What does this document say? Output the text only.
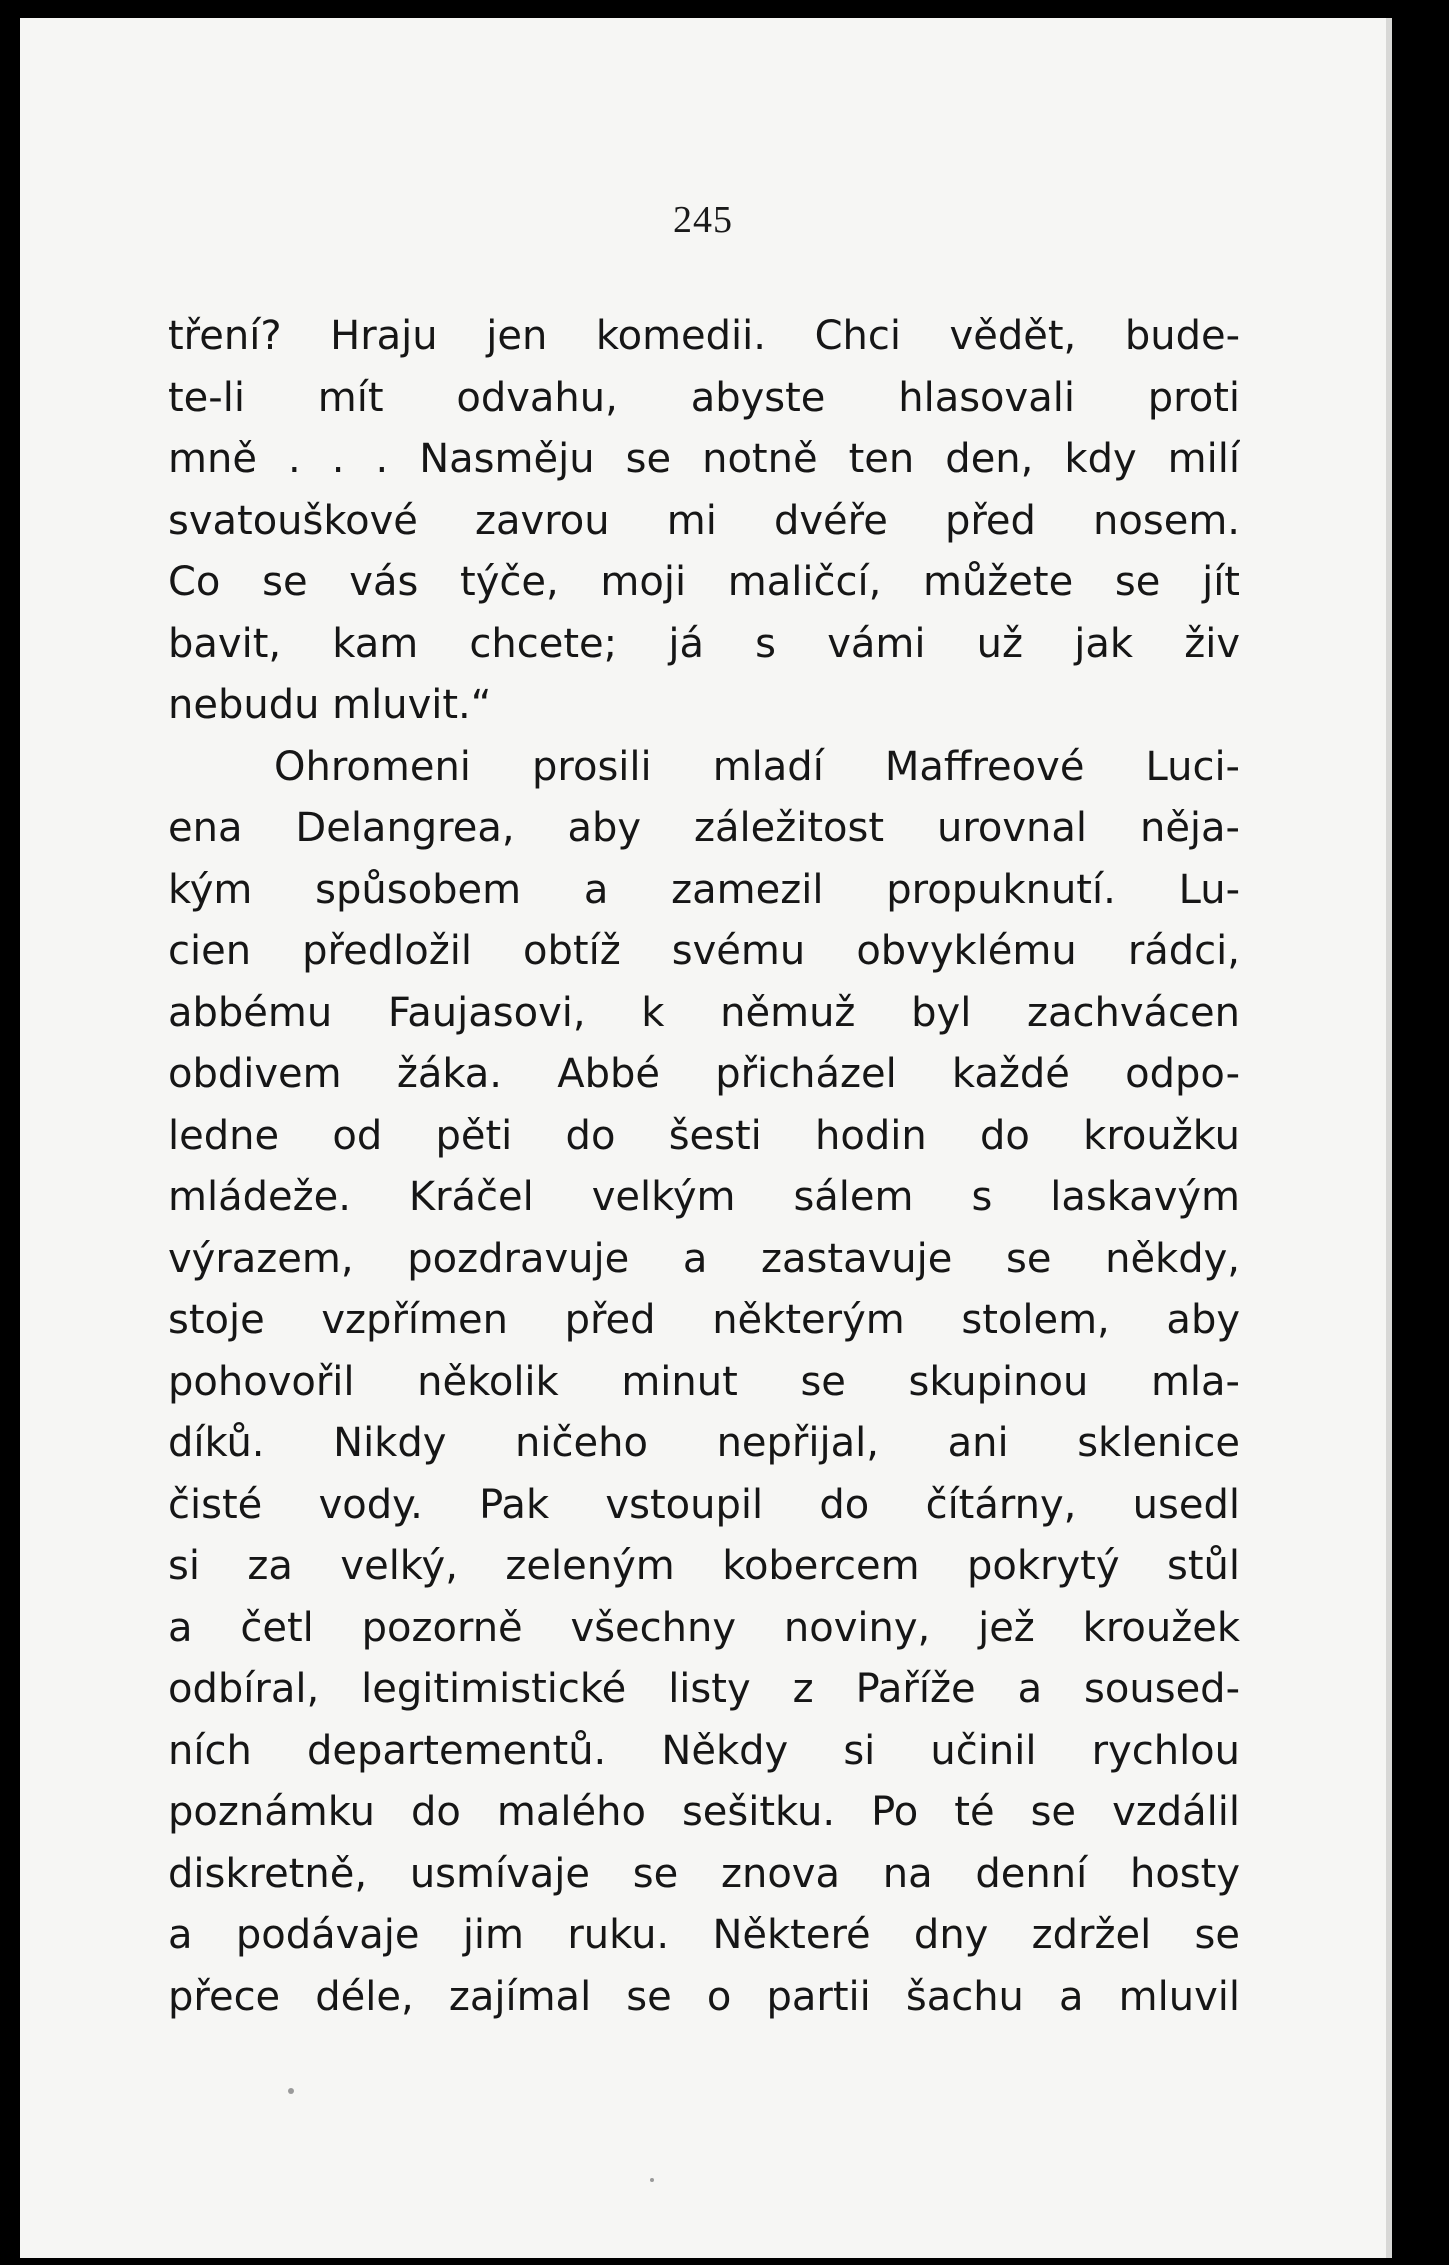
245
tření? Hraju jen komedii. Chci vědět, bude-
te-li mít odvahu, abyste hlasovali proti
mně . . . Nasměju se notně ten den, kdy milí
svatouškové zavrou mi dvéře před nosem.
Co se vás týče, moji maličcí, můžete se jít
bavit, kam chcete; já s vámi už jak živ
nebudu mluvit.“
Ohromeni prosili mladí Maffreové Luci-
ena Delangrea, aby záležitost urovnal něja-
kým spůsobem a zamezil propuknutí. Lu-
cien předložil obtíž svému obvyklému rádci,
abbému Faujasovi, k němuž byl zachvácen
obdivem žáka. Abbé přicházel každé odpo-
ledne od pěti do šesti hodin do kroužku
mládeže. Kráčel velkým sálem s laskavým
výrazem, pozdravuje a zastavuje se někdy,
stoje vzpřímen před některým stolem, aby
pohovořil několik minut se skupinou mla-
díků. Nikdy ničeho nepřijal, ani sklenice
čisté vody. Pak vstoupil do čítárny, usedl
si za velký, zeleným kobercem pokrytý stůl
a četl pozorně všechny noviny, jež kroužek
odbíral, legitimistické listy z Paříže a soused-
ních departementů. Někdy si učinil rychlou
poznámku do malého sešitku. Po té se vzdálil
diskretně, usmívaje se znova na denní hosty
a podávaje jim ruku. Některé dny zdržel se
přece déle, zajímal se o partii šachu a mluvil
